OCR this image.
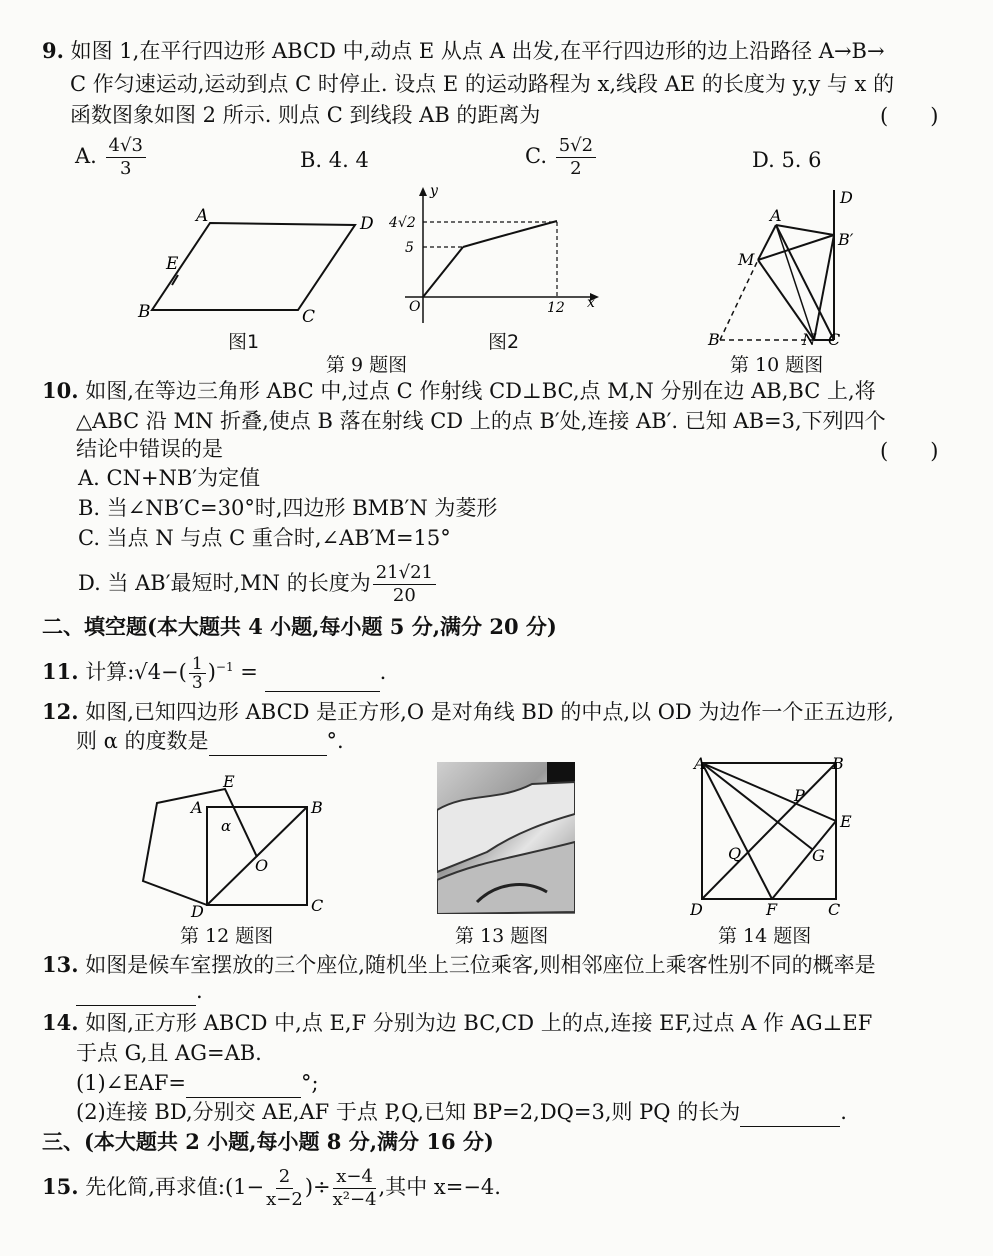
9. 如图 1,在平行四边形 ABCD 中,动点 E 从点 A 出发,在平行四边形的边上沿路径 A→B→
C 作匀速运动,运动到点 C 时停止. 设点 E 的运动路程为 x,线段 AE 的长度为 y,y 与 x 的
函数图象如图 2 所示. 则点 C 到线段 AB 的距离为	(　　)
A. $\frac{4√3}{3}$	B. 4. 4	C. $\frac{5√2}{2}$	D. 5. 6
A	D
B	C
E
图1
y
x
O
4√2
5
12
图2
第 9 题图
A
D
B′
M
B	N C
第 10 题图
10. 如图,在等边三角形 ABC 中,过点 C 作射线 CD⊥BC,点 M,N 分别在边 AB,BC 上,将
△ABC 沿 MN 折叠,使点 B 落在射线 CD 上的点 B′处,连接 AB′. 已知 AB=3,下列四个
结论中错误的是	(　　)
A. CN+NB′为定值
B. 当∠NB′C=30°时,四边形 BMB′N 为菱形
C. 当点 N 与点 C 重合时,∠AB′M=15°
D. 当 AB′最短时,MN 的长度为 $\frac{21√21}{20}$
二、填空题(本大题共 4 小题,每小题 5 分,满分 20 分)
11. 计算:√4−( $\frac{1}{3} )^{-1}$ =	.
12. 如图,已知四边形 ABCD 是正方形,O 是对角线 BD 的中点,以 OD 为边作一个正五边形,
则 α 的度数是	°.
E
A	B
C
D
O
α
第 12 题图	第 13 题图
A	B
E
P
Q	G
D	F	C
第 14 题图
13. 如图是候车室摆放的三个座位,随机坐上三位乘客,则相邻座位上乘客性别不同的概率是
.
14. 如图,正方形 ABCD 中,点 E,F 分别为边 BC,CD 上的点,连接 EF,过点 A 作 AG⊥EF
于点 G,且 AG=AB.
(1)∠EAF=	°;
(2)连接 BD,分别交 AE,AF 于点 P,Q,已知 BP=2,DQ=3,则 PQ 的长为	.
三、(本大题共 2 小题,每小题 8 分,满分 16 分)
15. 先化简,再求值:(1− $\frac{2}{x-2}$ )÷ $\frac{x-4}{\text{x²−4}}$ ,其中 x=−4.
